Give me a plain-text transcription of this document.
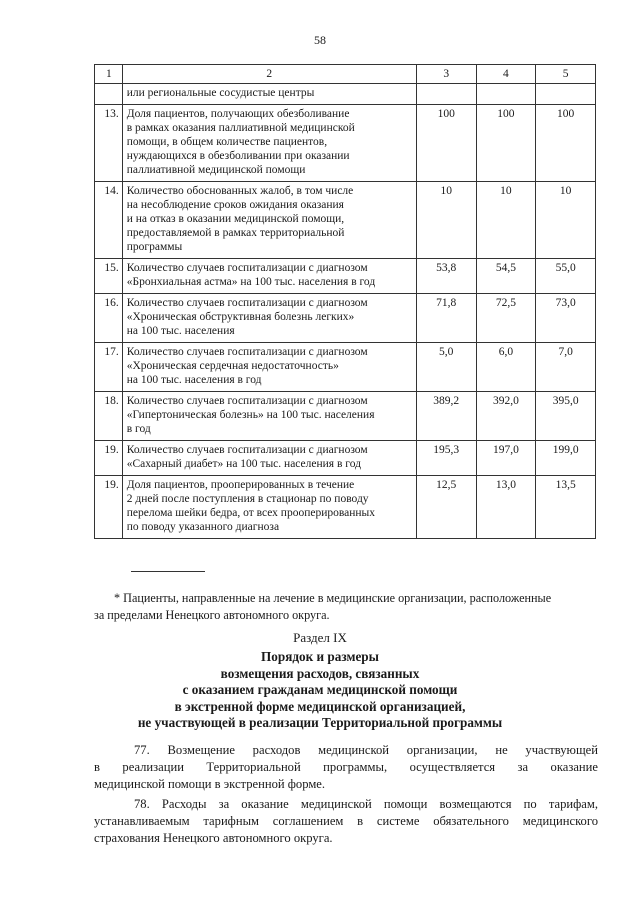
58
1	2	3	4	5

	или региональные сосудистые центры			

13.	Доля пациентов, получающих обезболивание
в рамках оказания паллиативной медицинской
помощи, в общем количестве пациентов,
нуждающихся в обезболивании при оказании
паллиативной медицинской помощи	100	100	100
14.	Количество обоснованных жалоб, в том числе
на несоблюдение сроков ожидания оказания
и на отказ в оказании медицинской помощи,
предоставляемой в рамках территориальной
программы	10	10	10
15.	Количество случаев госпитализации с диагнозом
«Бронхиальная астма» на 100 тыс. населения в год	53,8	54,5	55,0
16.	Количество случаев госпитализации с диагнозом
«Хроническая обструктивная болезнь легких»
на 100 тыс. населения	71,8	72,5	73,0
17.	Количество случаев госпитализации с диагнозом
«Хроническая сердечная недостаточность»
на 100 тыс. населения в год	5,0	6,0	7,0
18.	Количество случаев госпитализации с диагнозом
«Гипертоническая болезнь» на 100 тыс. населения
в год	389,2	392,0	395,0
19.	Количество случаев госпитализации с диагнозом
«Сахарный диабет» на 100 тыс. населения в год	195,3	197,0	199,0
19.	Доля пациентов, прооперированных в течение
2 дней после поступления в стационар по поводу
перелома шейки бедра, от всех прооперированных
по поводу указанного диагноза	12,5	13,0	13,5
* Пациенты, направленные на лечение в медицинские организации, расположенные
за пределами Ненецкого автономного округа.
Раздел IX
Порядок и размеры
возмещения расходов, связанных
с оказанием гражданам медицинской помощи
в экстренной форме медицинской организацией,
не участвующей в реализации Территориальной программы
77. Возмещение расходов медицинской организации, не участвующей
в реализации Территориальной программы, осуществляется за оказание
медицинской помощи в экстренной форме.
78. Расходы за оказание медицинской помощи возмещаются по тарифам,
устанавливаемым тарифным соглашением в системе обязательного медицинского
страхования Ненецкого автономного округа.
